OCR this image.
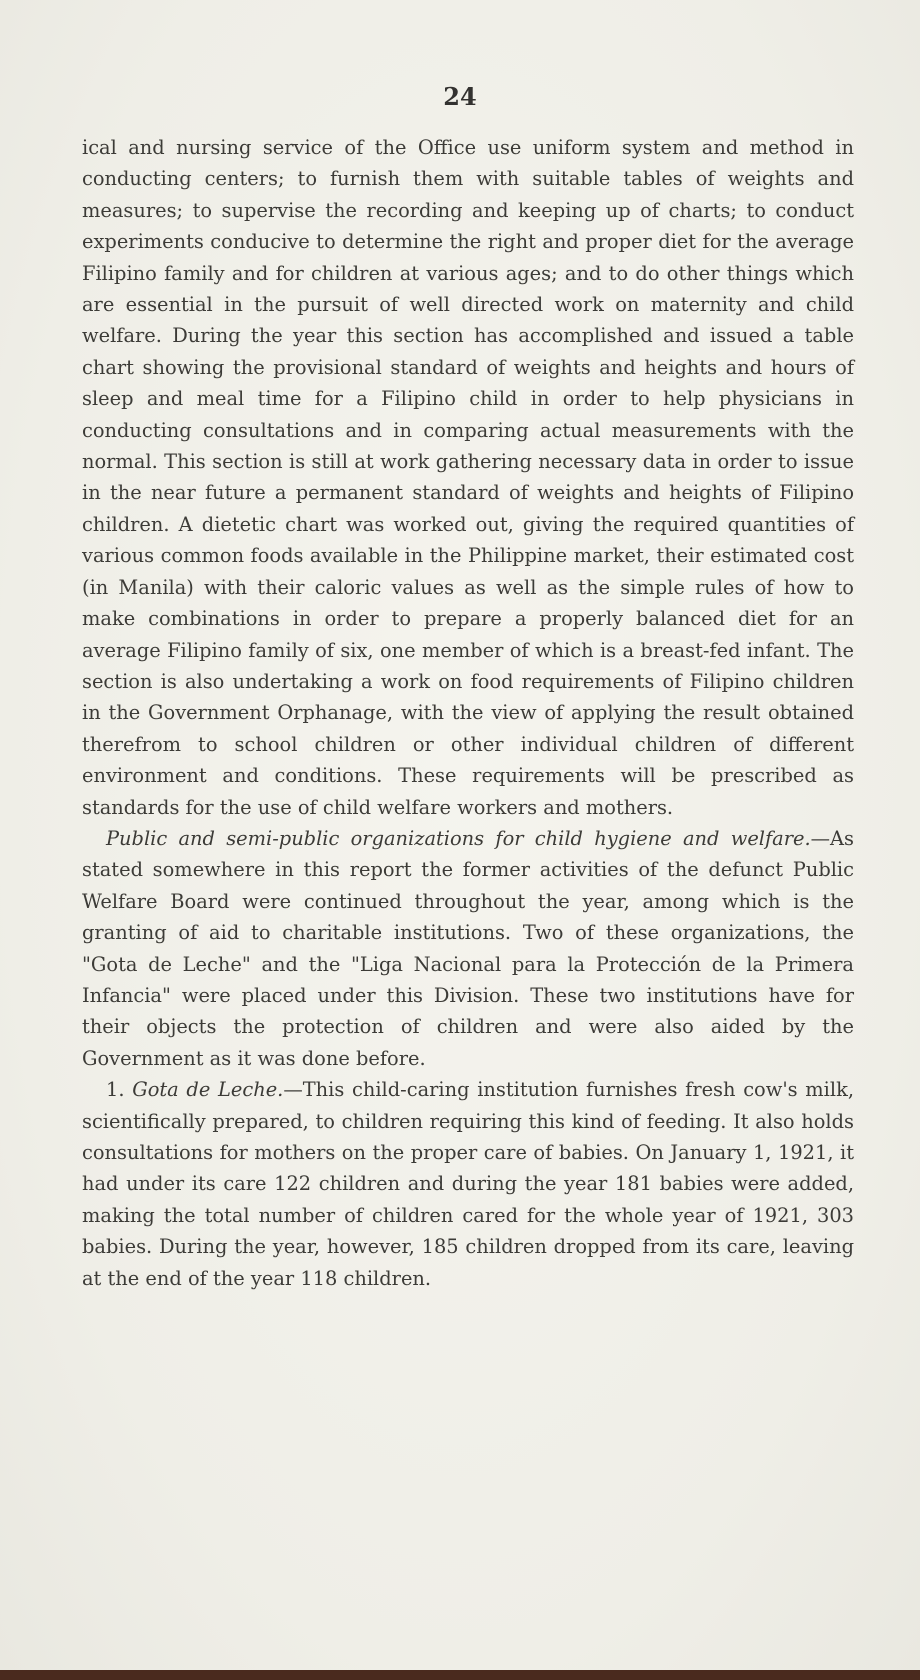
24

ical and nursing service of the Office use uniform system and method in conducting centers; to furnish them with suitable tables of weights and measures; to supervise the recording and keeping up of charts; to conduct experiments conducive to determine the right and proper diet for the average Filipino family and for children at various ages; and to do other things which are essential in the pursuit of well directed work on maternity and child welfare. During the year this section has accomplished and issued a table chart showing the provisional standard of weights and heights and hours of sleep and meal time for a Filipino child in order to help physicians in conducting consultations and in comparing actual measurements with the normal. This section is still at work gathering necessary data in order to issue in the near future a permanent standard of weights and heights of Filipino children. A dietetic chart was worked out, giving the required quantities of various common foods available in the Philippine market, their estimated cost (in Manila) with their caloric values as well as the simple rules of how to make combinations in order to prepare a properly balanced diet for an average Filipino family of six, one member of which is a breast-fed infant. The section is also undertaking a work on food requirements of Filipino children in the Government Orphanage, with the view of applying the result obtained therefrom to school children or other individual children of different environment and conditions. These requirements will be prescribed as standards for the use of child welfare workers and mothers.

Public and semi-public organizations for child hygiene and welfare.—As stated somewhere in this report the former activities of the defunct Public Welfare Board were continued throughout the year, among which is the granting of aid to charitable institutions. Two of these organizations, the "Gota de Leche" and the "Liga Nacional para la Protección de la Primera Infancia" were placed under this Division. These two institutions have for their objects the protection of children and were also aided by the Government as it was done before.

1. Gota de Leche.—This child-caring institution furnishes fresh cow's milk, scientifically prepared, to children requiring this kind of feeding. It also holds consultations for mothers on the proper care of babies. On January 1, 1921, it had under its care 122 children and during the year 181 babies were added, making the total number of children cared for the whole year of 1921, 303 babies. During the year, however, 185 children dropped from its care, leaving at the end of the year 118 children.
